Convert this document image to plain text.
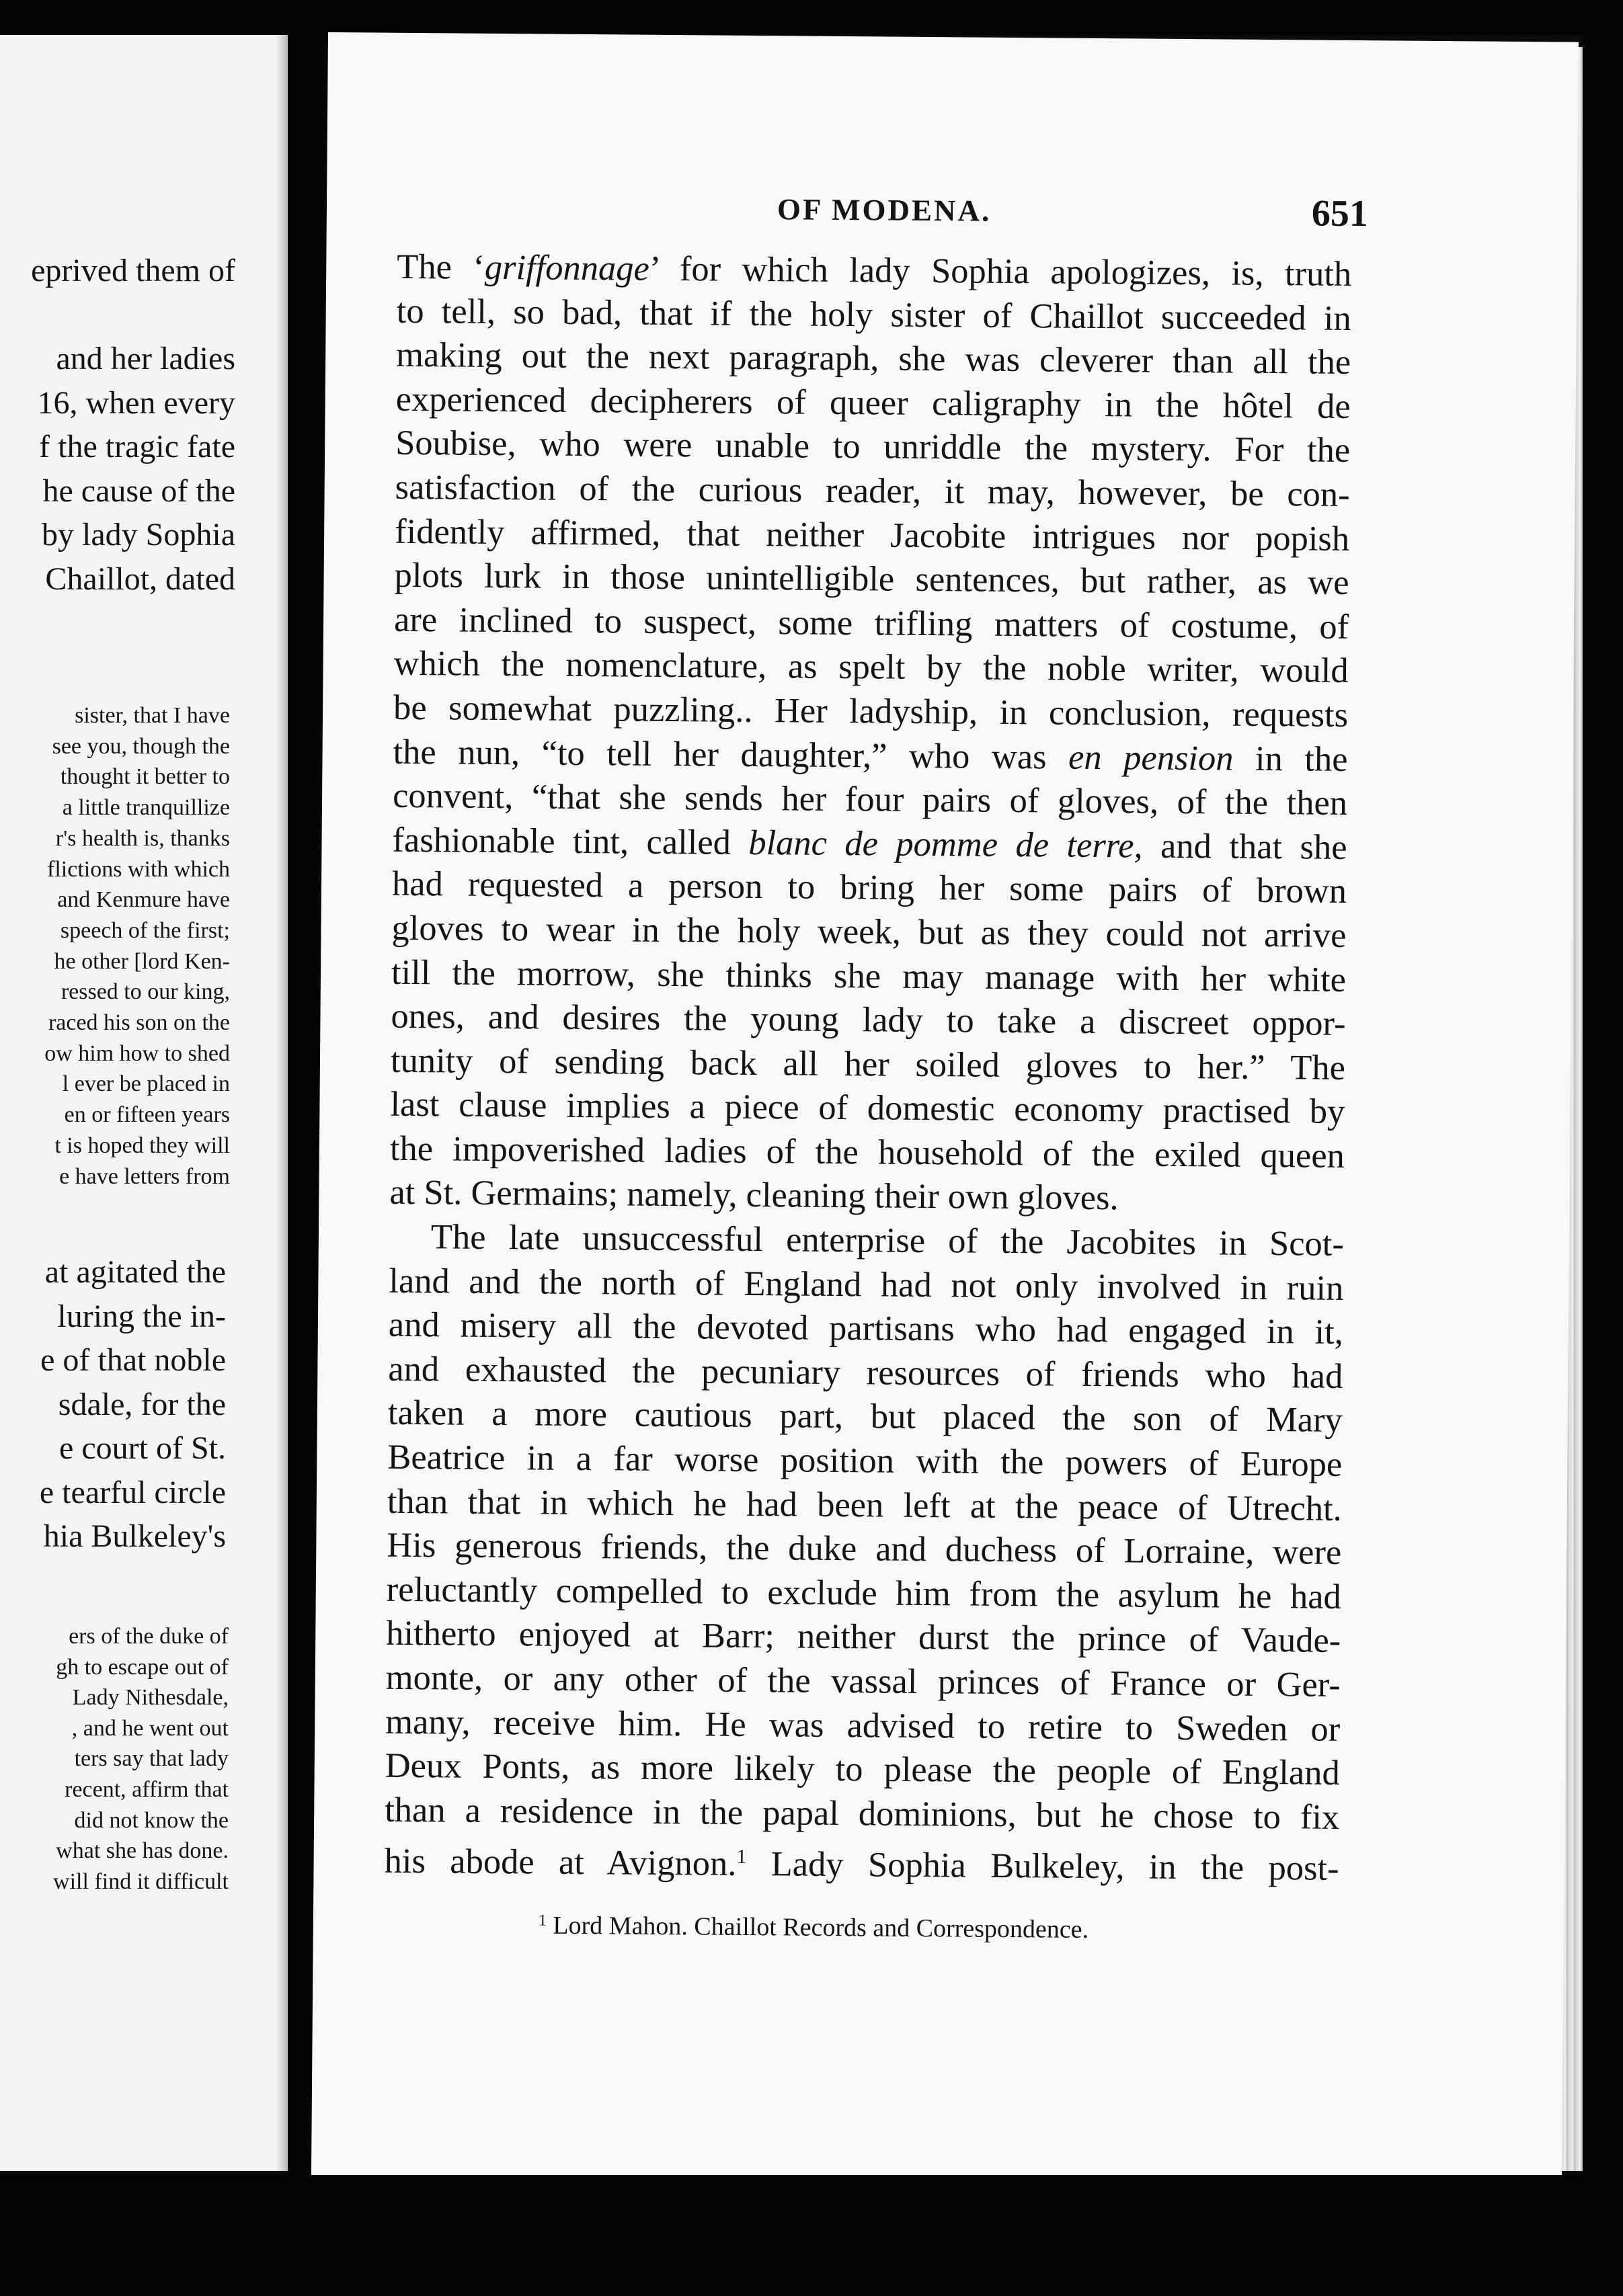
eprived them of

and her ladies
16, when every
f the tragic fate
he cause of the
by lady Sophia
Chaillot, dated
sister, that I have
see you, though the
thought it better to
a little tranquillize
r's health is, thanks
flictions with which
and Kenmure have
speech of the first;
he other [lord Ken-
ressed to our king,
raced his son on the
ow him how to shed
l ever be placed in
en or fifteen years
t is hoped they will
e have letters from
at agitated the
luring the in-
e of that noble
sdale, for the
e court of St.
e tearful circle
hia Bulkeley's
ers of the duke of
gh to escape out of
Lady Nithesdale,
, and he went out
ters say that lady
recent, affirm that
did not know the
what she has done.
will find it difficult
OF MODENA.	651
The ‘griffonnage’ for which lady Sophia apologizes, is, truth
to tell, so bad, that if the holy sister of Chaillot succeeded in
making out the next paragraph, she was cleverer than all the
experienced decipherers of queer caligraphy in the hôtel de
Soubise, who were unable to unriddle the mystery. For the
satisfaction of the curious reader, it may, however, be con-
fidently affirmed, that neither Jacobite intrigues nor popish
plots lurk in those unintelligible sentences, but rather, as we
are inclined to suspect, some trifling matters of costume, of
which the nomenclature, as spelt by the noble writer, would
be somewhat puzzling.. Her ladyship, in conclusion, requests
the nun, “to tell her daughter,” who was en pension in the
convent, “that she sends her four pairs of gloves, of the then
fashionable tint, called blanc de pomme de terre, and that she
had requested a person to bring her some pairs of brown
gloves to wear in the holy week, but as they could not arrive
till the morrow, she thinks she may manage with her white
ones, and desires the young lady to take a discreet oppor-
tunity of sending back all her soiled gloves to her.” The
last clause implies a piece of domestic economy practised by
the impoverished ladies of the household of the exiled queen
at St. Germains; namely, cleaning their own gloves.
The late unsuccessful enterprise of the Jacobites in Scot-
land and the north of England had not only involved in ruin
and misery all the devoted partisans who had engaged in it,
and exhausted the pecuniary resources of friends who had
taken a more cautious part, but placed the son of Mary
Beatrice in a far worse position with the powers of Europe
than that in which he had been left at the peace of Utrecht.
His generous friends, the duke and duchess of Lorraine, were
reluctantly compelled to exclude him from the asylum he had
hitherto enjoyed at Barr; neither durst the prince of Vaude-
monte, or any other of the vassal princes of France or Ger-
many, receive him. He was advised to retire to Sweden or
Deux Ponts, as more likely to please the people of England
than a residence in the papal dominions, but he chose to fix
his abode at Avignon.$^1$ Lady Sophia Bulkeley, in the post-
$^1$ Lord Mahon. Chaillot Records and Correspondence.
